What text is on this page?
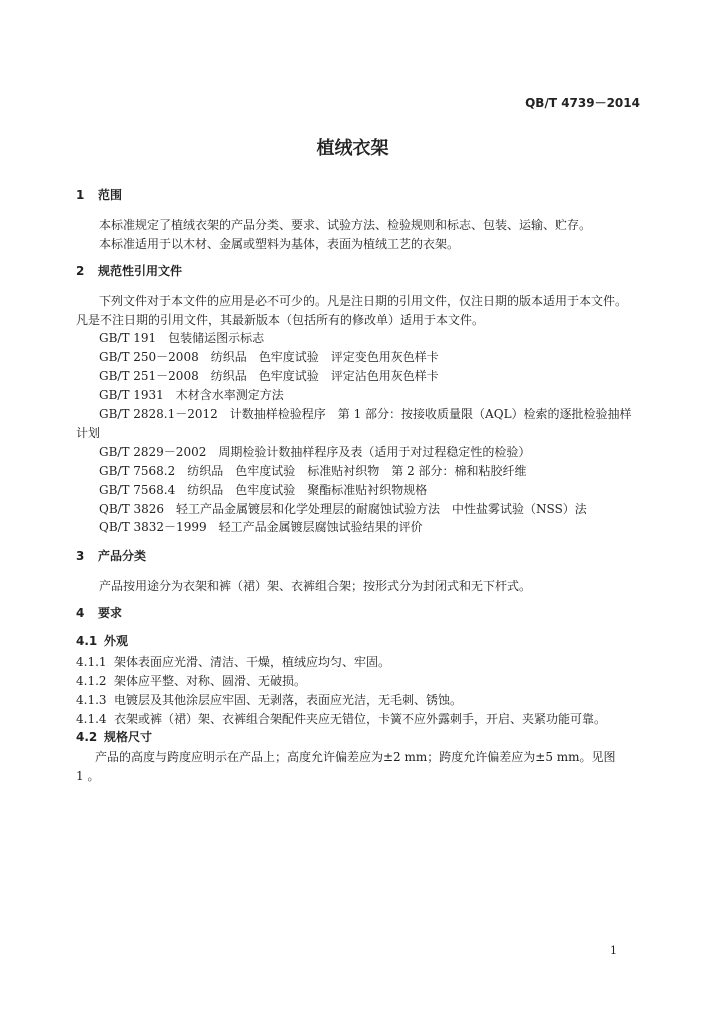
QB/T 4739－2014
植绒衣架
1 范围
本标准规定了植绒衣架的产品分类、要求、试验方法、检验规则和标志、包装、运输、贮存。
本标准适用于以木材、金属或塑料为基体，表面为植绒工艺的衣架。
2 规范性引用文件
下列文件对于本文件的应用是必不可少的。凡是注日期的引用文件，仅注日期的版本适用于本文件。
凡是不注日期的引用文件，其最新版本（包括所有的修改单）适用于本文件。
GB/T 191　包装储运图示标志
GB/T 250－2008　纺织品　色牢度试验　评定变色用灰色样卡
GB/T 251－2008　纺织品　色牢度试验　评定沾色用灰色样卡
GB/T 1931　木材含水率测定方法
GB/T 2828.1－2012　计数抽样检验程序　第 1 部分：按接收质量限（AQL）检索的逐批检验抽样
计划
GB/T 2829－2002　周期检验计数抽样程序及表（适用于对过程稳定性的检验）
GB/T 7568.2　纺织品　色牢度试验　标准贴衬织物　第 2 部分：棉和粘胶纤维
GB/T 7568.4　纺织品　色牢度试验　聚酯标准贴衬织物规格
QB/T 3826　轻工产品金属镀层和化学处理层的耐腐蚀试验方法　中性盐雾试验（NSS）法
QB/T 3832－1999　轻工产品金属镀层腐蚀试验结果的评价
3 产品分类
产品按用途分为衣架和裤（裙）架、衣裤组合架；按形式分为封闭式和无下杆式。
4 要求
4.1 外观
4.1.1 架体表面应光滑、清洁、干燥，植绒应均匀、牢固。
4.1.2 架体应平整、对称、圆滑、无破损。
4.1.3 电镀层及其他涂层应牢固、无剥落，表面应光洁，无毛刺、锈蚀。
4.1.4 衣架或裤（裙）架、衣裤组合架配件夹应无错位，卡簧不应外露刺手，开启、夹紧功能可靠。
4.2 规格尺寸
产品的高度与跨度应明示在产品上；高度允许偏差应为±2 mm；跨度允许偏差应为±5 mm。见图
1 。
1
